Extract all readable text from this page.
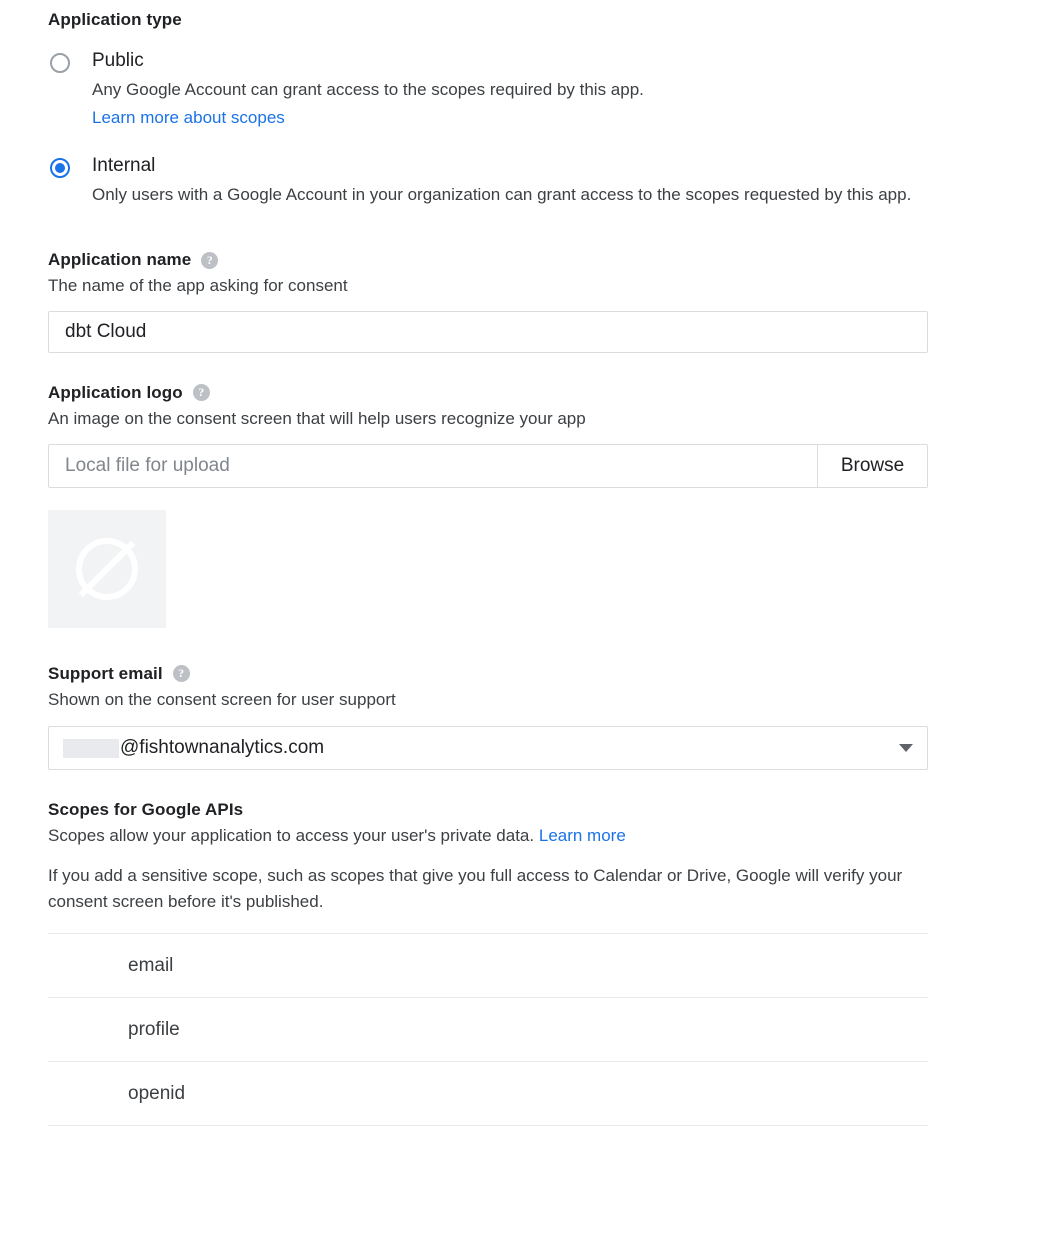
Application type
Public
Any Google Account can grant access to the scopes required by this app.
Learn more about scopes
Internal
Only users with a Google Account in your organization can grant access to the scopes requested by this app.
Application name	?
The name of the app asking for consent
dbt Cloud
Application logo	?
An image on the consent screen that will help users recognize your app
Local file for upload	Browse
Support email	?
Shown on the consent screen for user support
@fishtownanalytics.com
Scopes for Google APIs
Scopes allow your application to access your user's private data. Learn more
If you add a sensitive scope, such as scopes that give you full access to Calendar or Drive, Google will verify your consent screen before it's published.
email
profile
openid
